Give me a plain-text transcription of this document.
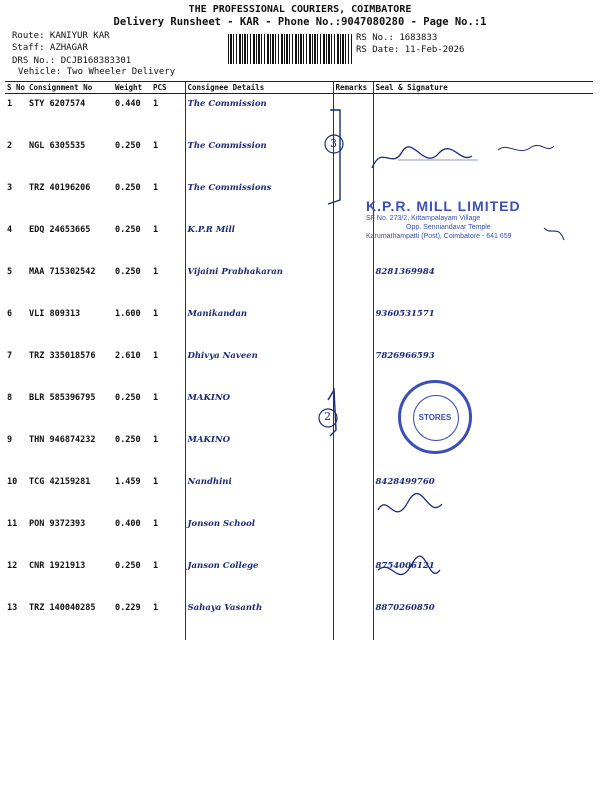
THE PROFESSIONAL COURIERS, COIMBATORE
Delivery Runsheet - KAR - Phone No.:9047080280 - Page No.:1
Route: KANIYUR KAR
Staff: AZHAGAR
DRS No.: DCJB168383301
Vehicle: Two Wheeler Delivery
RS No.: 1683833
RS Date: 11-Feb-2026
S No	Consignment No	Weight	PCS	Consignee Details	Remarks	Seal & Signature
1	STY 6207574	0.440	1	The Commission		
2	NGL 6305535	0.250	1	The Commission		
3	TRZ 40196206	0.250	1	The Commissions		
4	EDQ 24653665	0.250	1	K.P.R Mill		
5	MAA 715302542	0.250	1	Vijaini Prabhakaran		8281369984
6	VLI 809313	1.600	1	Manikandan		9360531571
7	TRZ 335018576	2.610	1	Dhivya Naveen		7826966593
8	BLR 585396795	0.250	1	MAKINO		
9	THN 946874232	0.250	1	MAKINO		
10	TCG 42159281	1.459	1	Nandhini		8428499760
11	PON 9372393	0.400	1	Jonson School		
12	CNR 1921913	0.250	1	Janson College		8754006121
13	TRZ 140040285	0.229	1	Sahaya Vasanth		8870260850
3
2
K.P.R. MILL LIMITED
SF No. 273/2, Kittampalayam Village
Opp. Senniandavar Temple
Karumathampatti (Post), Coimbatore - 641 659
STORES
